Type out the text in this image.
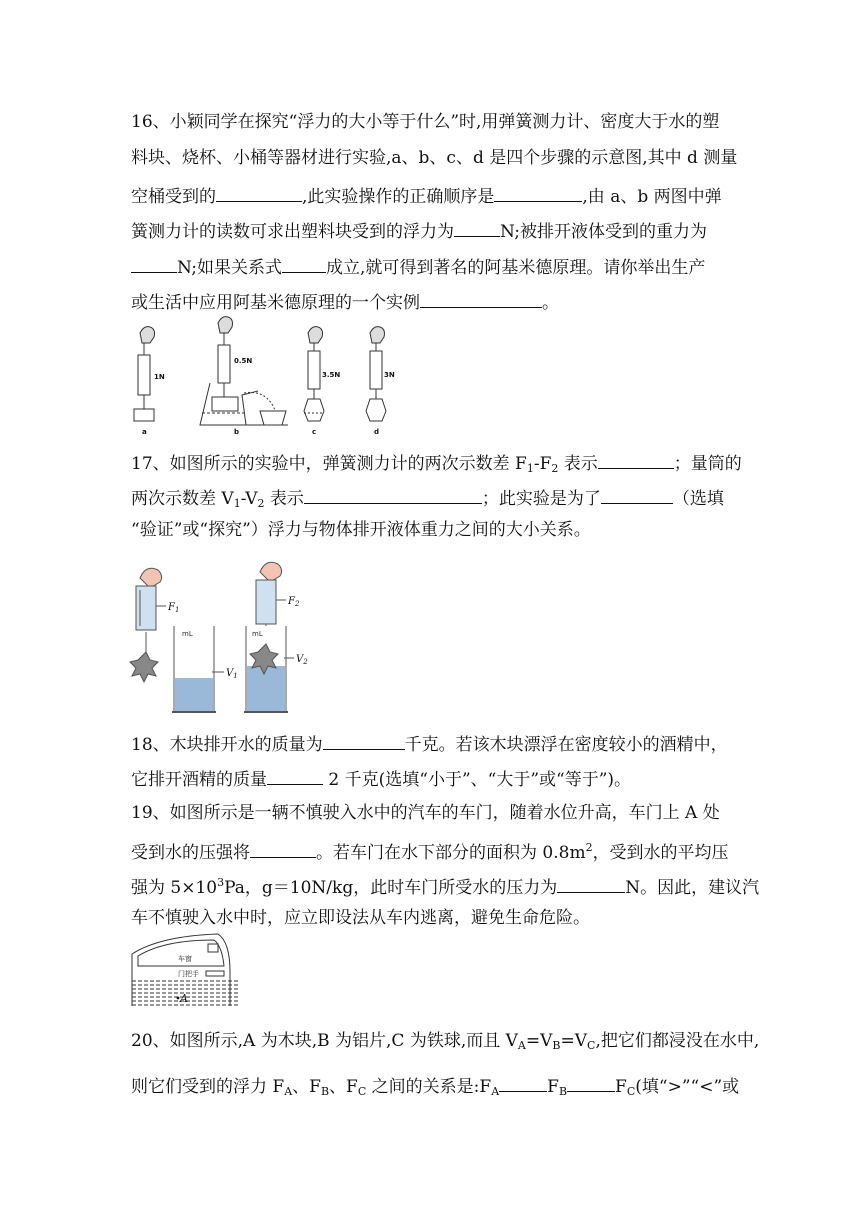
16、小颖同学在探究“浮力的大小等于什么”时,用弹簧测力计、密度大于水的塑
料块、烧杯、小桶等器材进行实验,a、b、c、d 是四个步骤的示意图,其中 d 测量
空桶受到的	,此实验操作的正确顺序是	,由 a、b 两图中弹
簧测力计的读数可求出塑料块受到的浮力为	N;被排开液体受到的重力为
N;如果关系式	成立,就可得到著名的阿基米德原理。请你举出生产
或生活中应用阿基米德原理的一个实例	。
1N
0.5N
3.5N	3N
a	b	c	d
17、如图所示的实验中，弹簧测力计的两次示数差 $F_1-F_2$ 表示	；量筒的
两次示数差 $V_1-V_2$ 表示	；此实验是为了	（选填
“验证”或“探究”）浮力与物体排开液体重力之间的大小关系。
$F_1$
$F_2$
$V_1$
$V_2$
mL	mL
18、木块排开水的质量为	千克。若该木块漂浮在密度较小的酒精中，
它排开酒精的质量	2 千克(选填“小于”、“大于”或“等于”)。
19、如图所示是一辆不慎驶入水中的汽车的车门，随着水位升高，车门上 A 处
受到水的压强将	。若车门在水下部分的面积为 $0.8m^2$，受到水的平均压
强为 $5\times 10^3Pa$，g＝10N/kg，此时车门所受水的压力为	N。因此，建议汽
车不慎驶入水中时，应立即设法从车内逃离，避免生命危险。
车窗
门把手
A
20、如图所示,A 为木块,B 为铝片,C 为铁球,而且 $V_A=V_B=V_C$,把它们都浸没在水中,
则它们受到的浮力 $F_A$、$F_B$、$F_C$ 之间的关系是$:F_A$	$F_B$	$F_C$(填“>”“<”或
